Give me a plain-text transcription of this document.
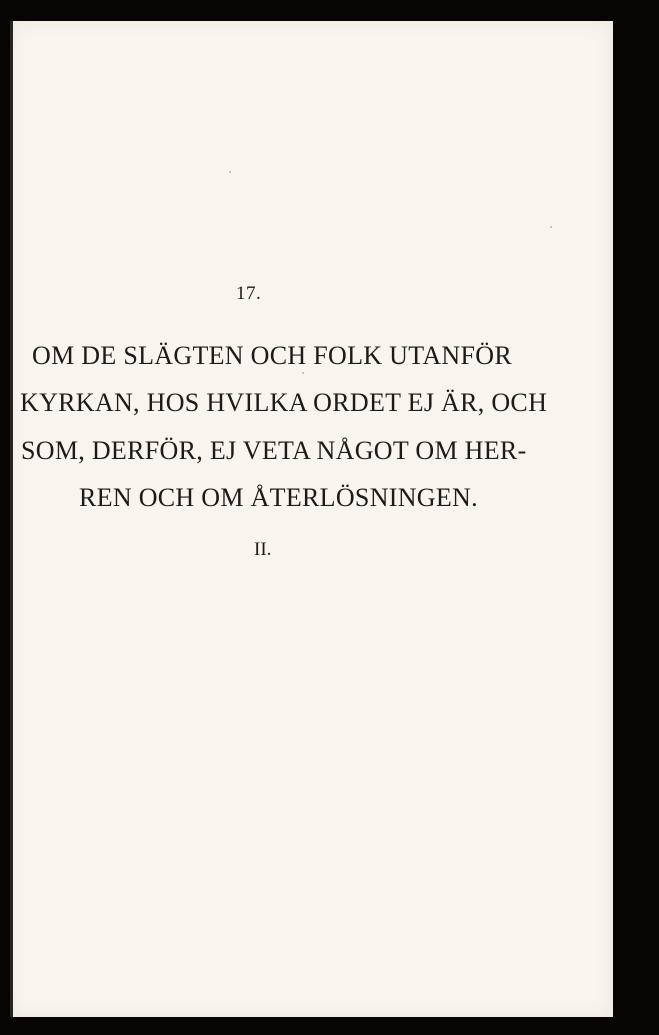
17.
OM DE SLÄGTEN OCH FOLK UTANFÖR
KYRKAN, HOS HVILKA ORDET EJ ÄR, OCH
SOM, DERFÖR, EJ VETA NÅGOT OM HER-
REN OCH OM ÅTERLÖSNINGEN.
II.
